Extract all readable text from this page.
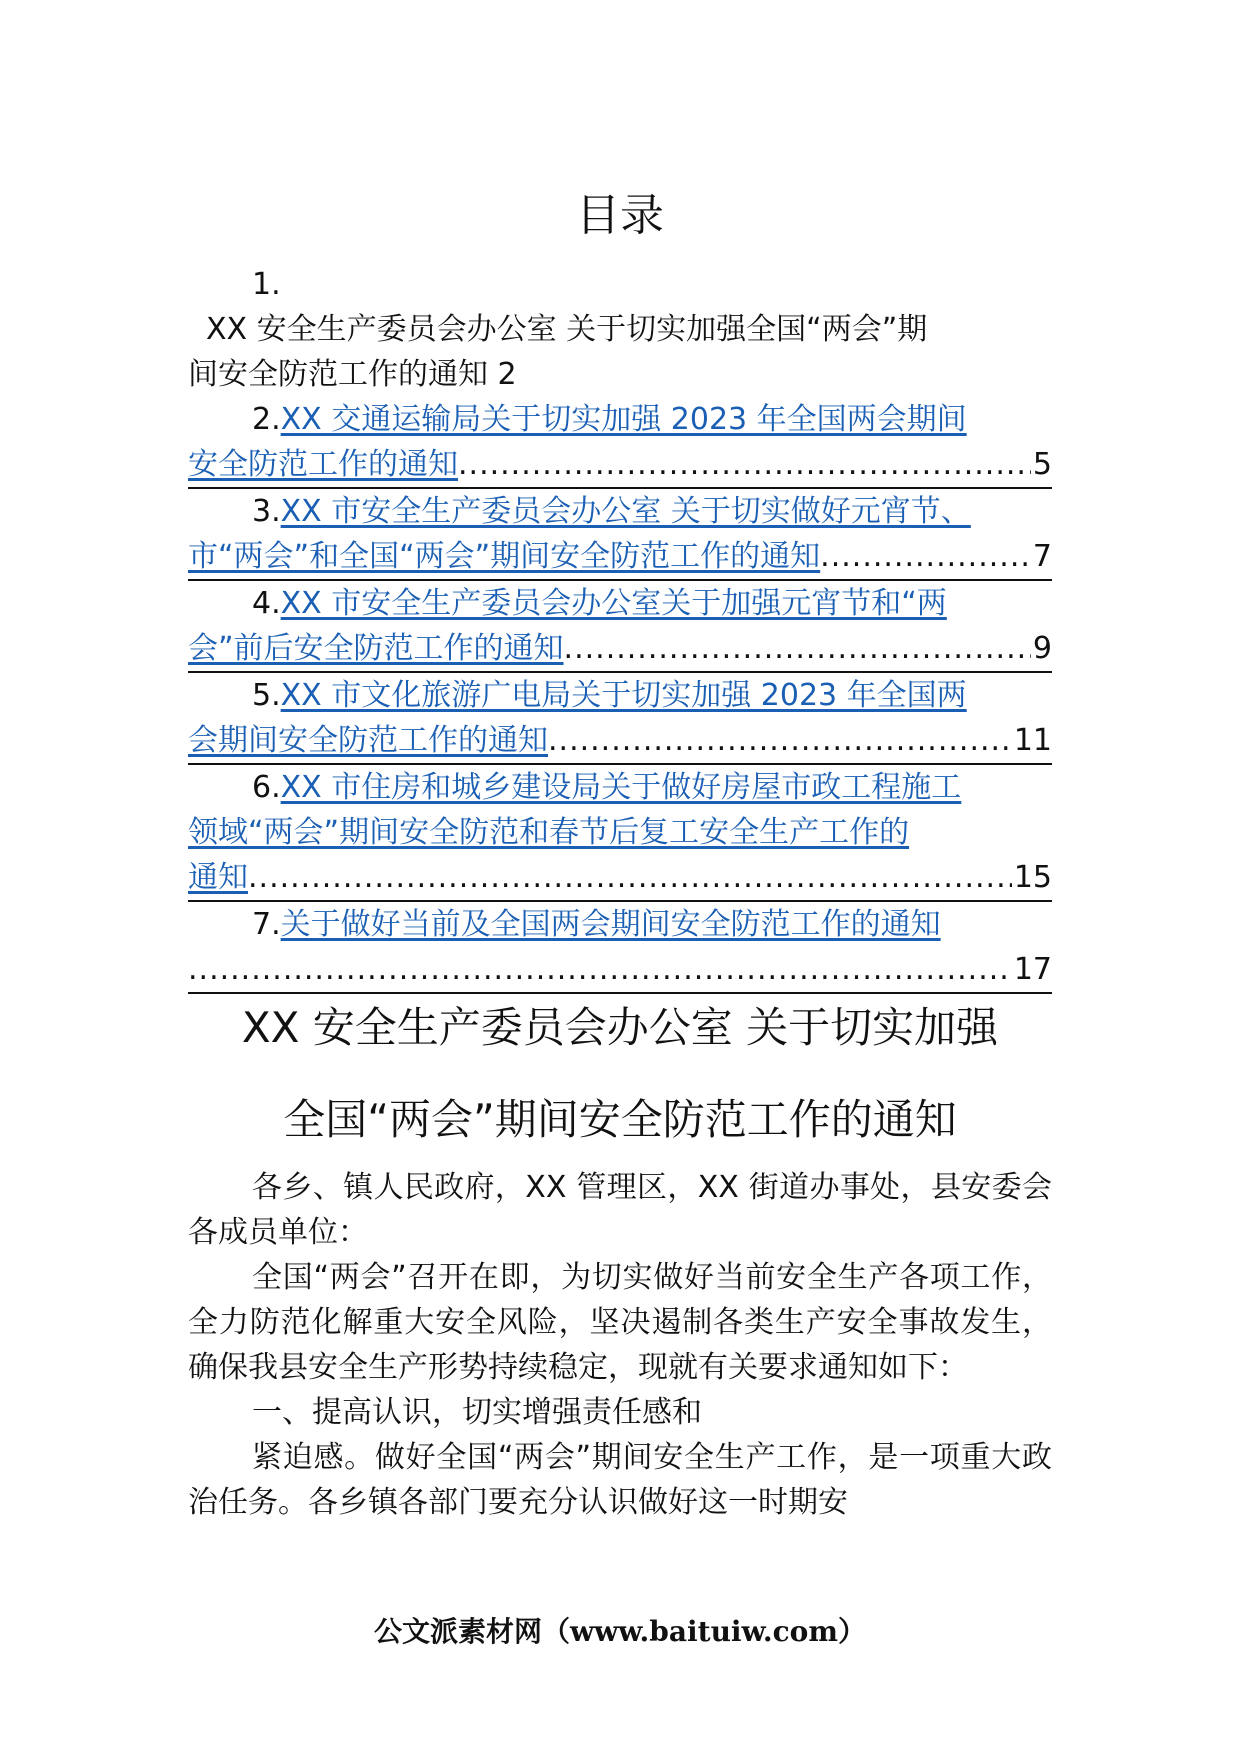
目录
1.
XX 安全生产委员会办公室 关于切实加强全国“两会”期
间安全防范工作的通知 2
2.XX 交通运输局关于切实加强 2023 年全国两会期间
安全防范工作的通知 .....	5
3.XX 市安全生产委员会办公室 关于切实做好元宵节、
市“两会”和全国“两会”期间安全防范工作的通知 .....	7
4.XX 市安全生产委员会办公室关于加强元宵节和“两
会”前后安全防范工作的通知 .....	9
5.XX 市文化旅游广电局关于切实加强 2023 年全国两
会期间安全防范工作的通知 .....	11
6.XX 市住房和城乡建设局关于做好房屋市政工程施工
领域“两会”期间安全防范和春节后复工安全生产工作的
通知 .....	15
7.关于做好当前及全国两会期间安全防范工作的通知
.....
17
XX 安全生产委员会办公室 关于切实加强
全国“两会”期间安全防范工作的通知

各乡、镇人民政府，XX 管理区，XX 街道办事处，县安委会各成员单位：

全国“两会”召开在即，为切实做好当前安全生产各项工作，全力防范化解重大安全风险，坚决遏制各类生产安全事故发生，确保我县安全生产形势持续稳定，现就有关要求通知如下：

一、提高认识，切实增强责任感和

紧迫感。做好全国“两会”期间安全生产工作，是一项重大政治任务。各乡镇各部门要充分认识做好这一时期安

公文派素材网（www.baituiw.com）
